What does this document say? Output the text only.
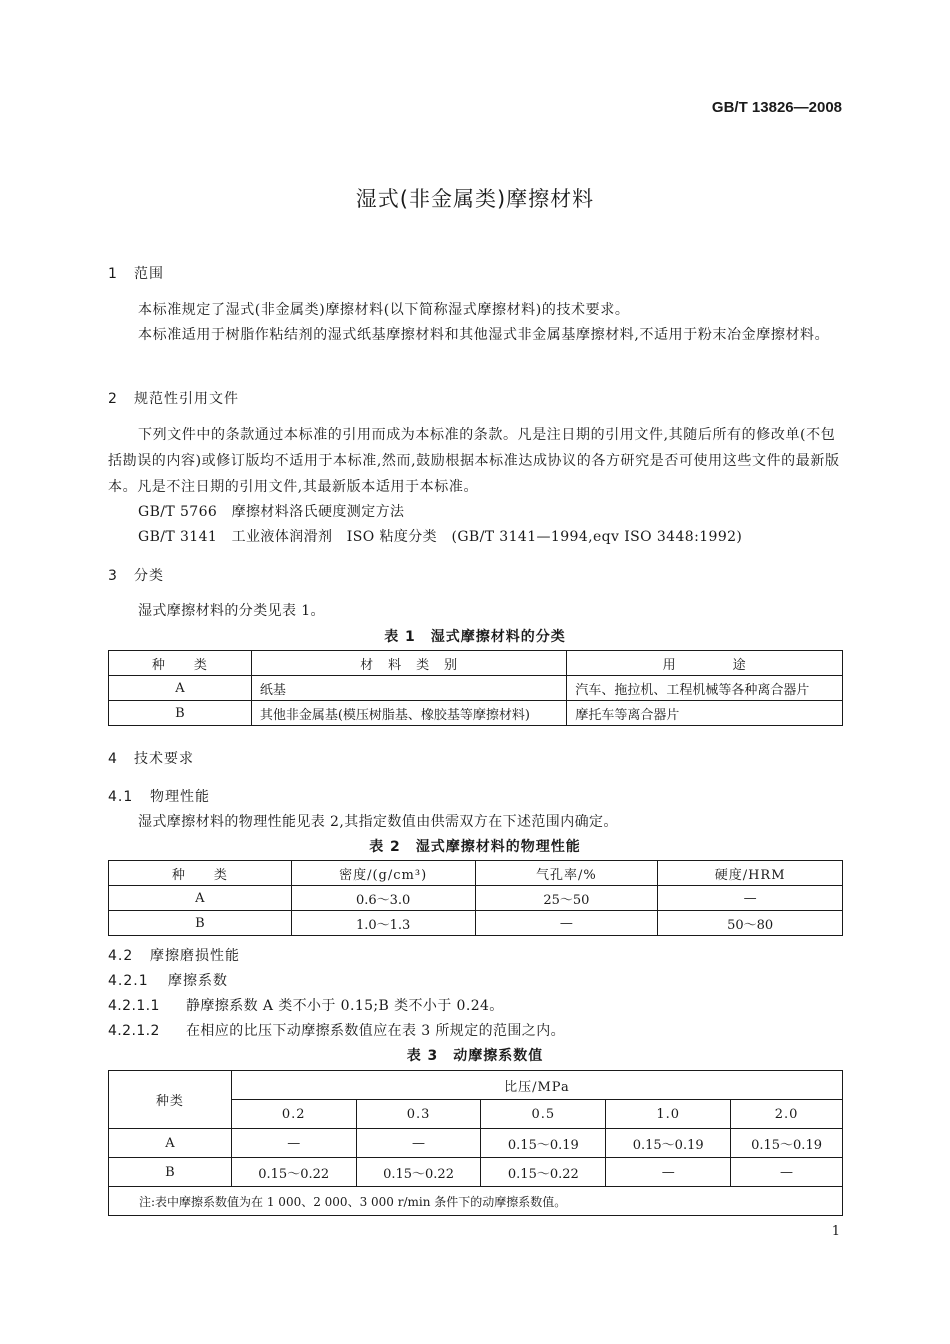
GB/T 13826—2008
湿式(非金属类)摩擦材料
1 范围
本标准规定了湿式(非金属类)摩擦材料(以下简称湿式摩擦材料)的技术要求。
本标准适用于树脂作粘结剂的湿式纸基摩擦材料和其他湿式非金属基摩擦材料,不适用于粉末冶金摩擦材料。
2 规范性引用文件
下列文件中的条款通过本标准的引用而成为本标准的条款。凡是注日期的引用文件,其随后所有的修改单(不包括勘误的内容)或修订版均不适用于本标准,然而,鼓励根据本标准达成协议的各方研究是否可使用这些文件的最新版本。凡是不注日期的引用文件,其最新版本适用于本标准。
GB/T 5766　摩擦材料洛氏硬度测定方法
GB/T 3141　工业液体润滑剂　ISO 粘度分类　(GB/T 3141—1994,eqv ISO 3448:1992)
3 分类
湿式摩擦材料的分类见表 1。
表 1　湿式摩擦材料的分类
种　　类	材　料　类　别	用　　　　途
A	纸基	汽车、拖拉机、工程机械等各种离合器片
B	其他非金属基(模压树脂基、橡胶基等摩擦材料)	摩托车等离合器片
4 技术要求
4.1 物理性能
湿式摩擦材料的物理性能见表 2,其指定数值由供需双方在下述范围内确定。
表 2　湿式摩擦材料的物理性能
种　　类	密度/(g/cm³)	气孔率/%	硬度/HRM
A	0.6～3.0	25～50	—
B	1.0～1.3	—	50～80
4.2 摩擦磨损性能
4.2.1 摩擦系数
4.2.1.1 静摩擦系数 A 类不小于 0.15;B 类不小于 0.24。
4.2.1.2 在相应的比压下动摩擦系数值应在表 3 所规定的范围之内。
表 3　动摩擦系数值
种类	比压/MPa				
	0.2	0.3	0.5	1.0	2.0
A	—	—	0.15～0.19	0.15～0.19	0.15～0.19
B	0.15～0.22	0.15～0.22	0.15～0.22	—	—
注:表中摩擦系数值为在 1 000、2 000、3 000 r/min 条件下的动摩擦系数值。					
1
